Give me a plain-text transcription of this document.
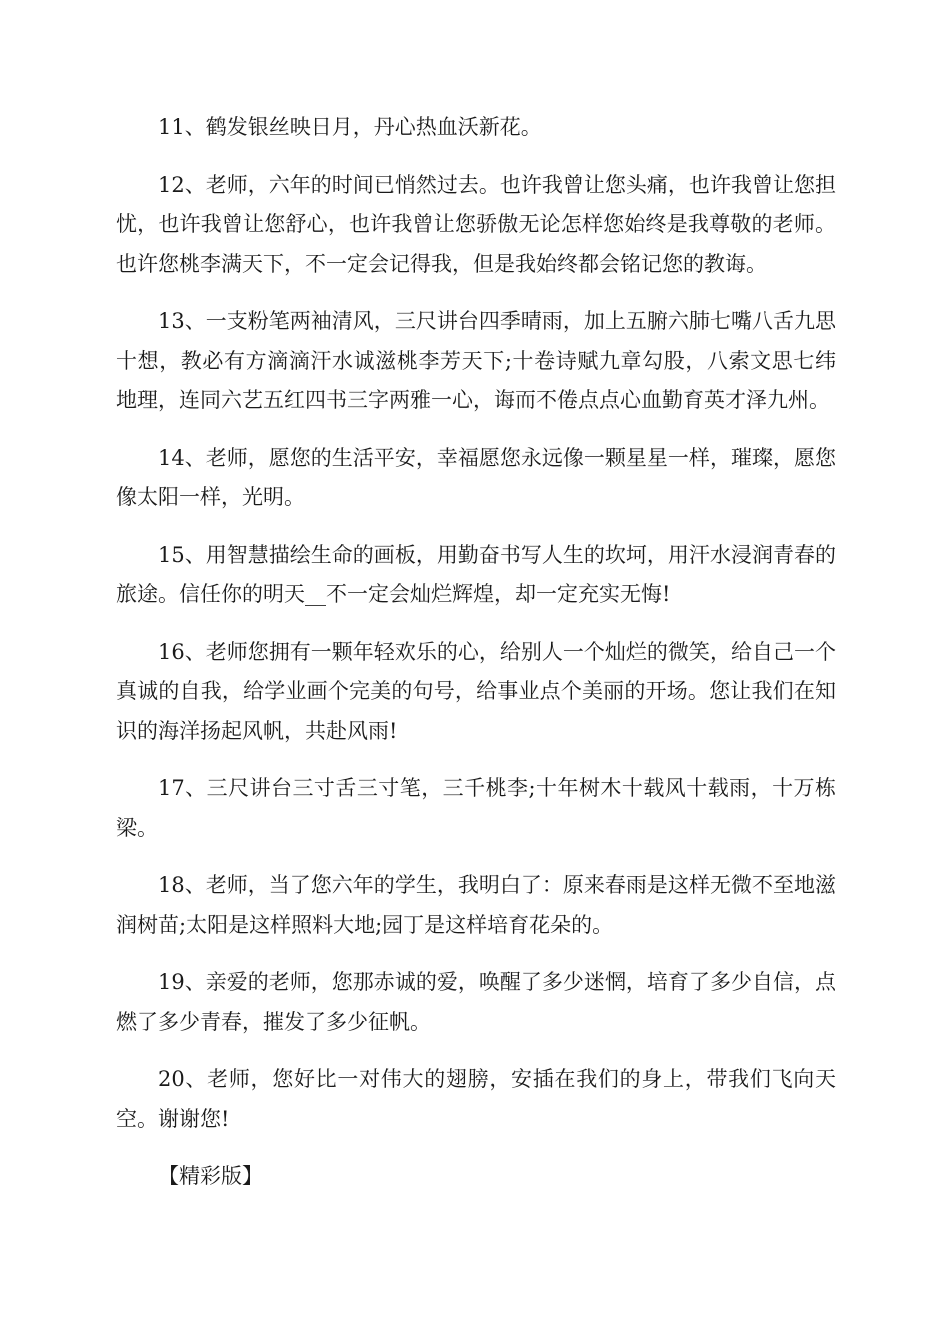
11、鹤发银丝映日月，丹心热血沃新花。

12、老师，六年的时间已悄然过去。也许我曾让您头痛，也许我曾让您担忧，也许我曾让您舒心，也许我曾让您骄傲无论怎样您始终是我尊敬的老师。也许您桃李满天下，不一定会记得我，但是我始终都会铭记您的教诲。

13、一支粉笔两袖清风，三尺讲台四季晴雨，加上五腑六肺七嘴八舌九思十想，教必有方滴滴汗水诚滋桃李芳天下;十卷诗赋九章勾股，八索文思七纬地理，连同六艺五红四书三字两雅一心，诲而不倦点点心血勤育英才泽九州。

14、老师，愿您的生活平安，幸福愿您永远像一颗星星一样，璀璨，愿您像太阳一样，光明。

15、用智慧描绘生命的画板，用勤奋书写人生的坎坷，用汗水浸润青春的旅途。信任你的明天__不一定会灿烂辉煌，却一定充实无悔!

16、老师您拥有一颗年轻欢乐的心，给别人一个灿烂的微笑，给自己一个真诚的自我，给学业画个完美的句号，给事业点个美丽的开场。您让我们在知识的海洋扬起风帆，共赴风雨!

17、三尺讲台三寸舌三寸笔，三千桃李;十年树木十载风十载雨，十万栋梁。

18、老师，当了您六年的学生，我明白了：原来春雨是这样无微不至地滋润树苗;太阳是这样照料大地;园丁是这样培育花朵的。

19、亲爱的老师，您那赤诚的爱，唤醒了多少迷惘，培育了多少自信，点燃了多少青春，摧发了多少征帆。

20、老师，您好比一对伟大的翅膀，安插在我们的身上，带我们飞向天空。谢谢您!

【精彩版】
